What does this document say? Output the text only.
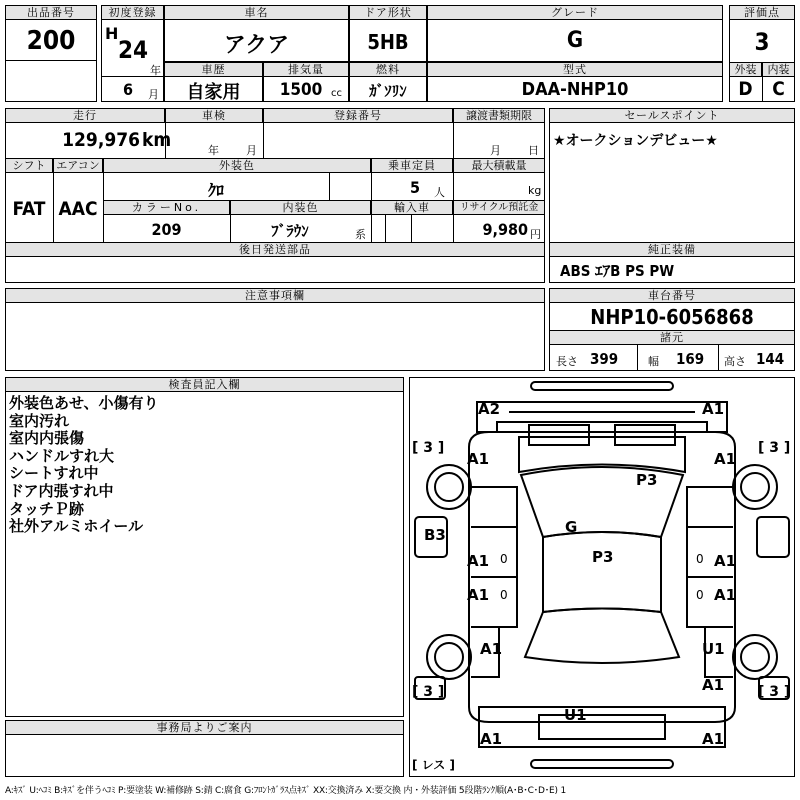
出品番号
200
初度登録
H
24
年
6	月
車名
アクア
ドア形状
5HB
グレード
G
評価点
3
外装	内装
D	C
車歴
自家用
排気量
1500 cc
燃料
ｶﾞｿﾘﾝ
型式
DAA-NHP10
走行
129,976 km
車検
年 月
登録番号	譲渡書類期限
月 日
シフト
FAT
エアコン
AAC
外装色
ｸﾛ
乗車定員
5	人
最大積載量
kg
カラーNo.
209
内装色
ﾌﾞﾗｳﾝ	系
輸入車	リサイクル預託金
9,980 円
後日発送部品
セールスポイント
★オークションデビュー★
純正装備
ABS ｴｱB PS PW
注意事項欄	車台番号
NHP10-6056868
諸元
長さ 399	幅 169 高さ 144
検査員記入欄
外装色あせ、小傷有り
室内汚れ
室内内張傷
ハンドルすれ大
シートすれ中
ドア内張すれ中
タッチＰ跡
社外アルミホイール
事務局よりご案内
A2	A1
A1	A1
P3
G
P3
B3
A1	A1
0	0
A1	A1
0	0
A1	U1
A1
U1
A1	A1
[ 3 ]	[ 3 ]
[ 3 ]	[ 3 ]
[ レス ]
A:ｷｽﾞ U:ﾍｺﾐ B:ｷｽﾞを伴うﾍｺﾐ P:要塗装 W:補修跡 S:錆 C:腐食 G:ﾌﾛﾝﾄｶﾞﾗｽ点ｷｽﾞ XX:交換済み X:要交換 内・外装評価 5段階ﾗﾝｸ順(A･B･C･D･E) 1
